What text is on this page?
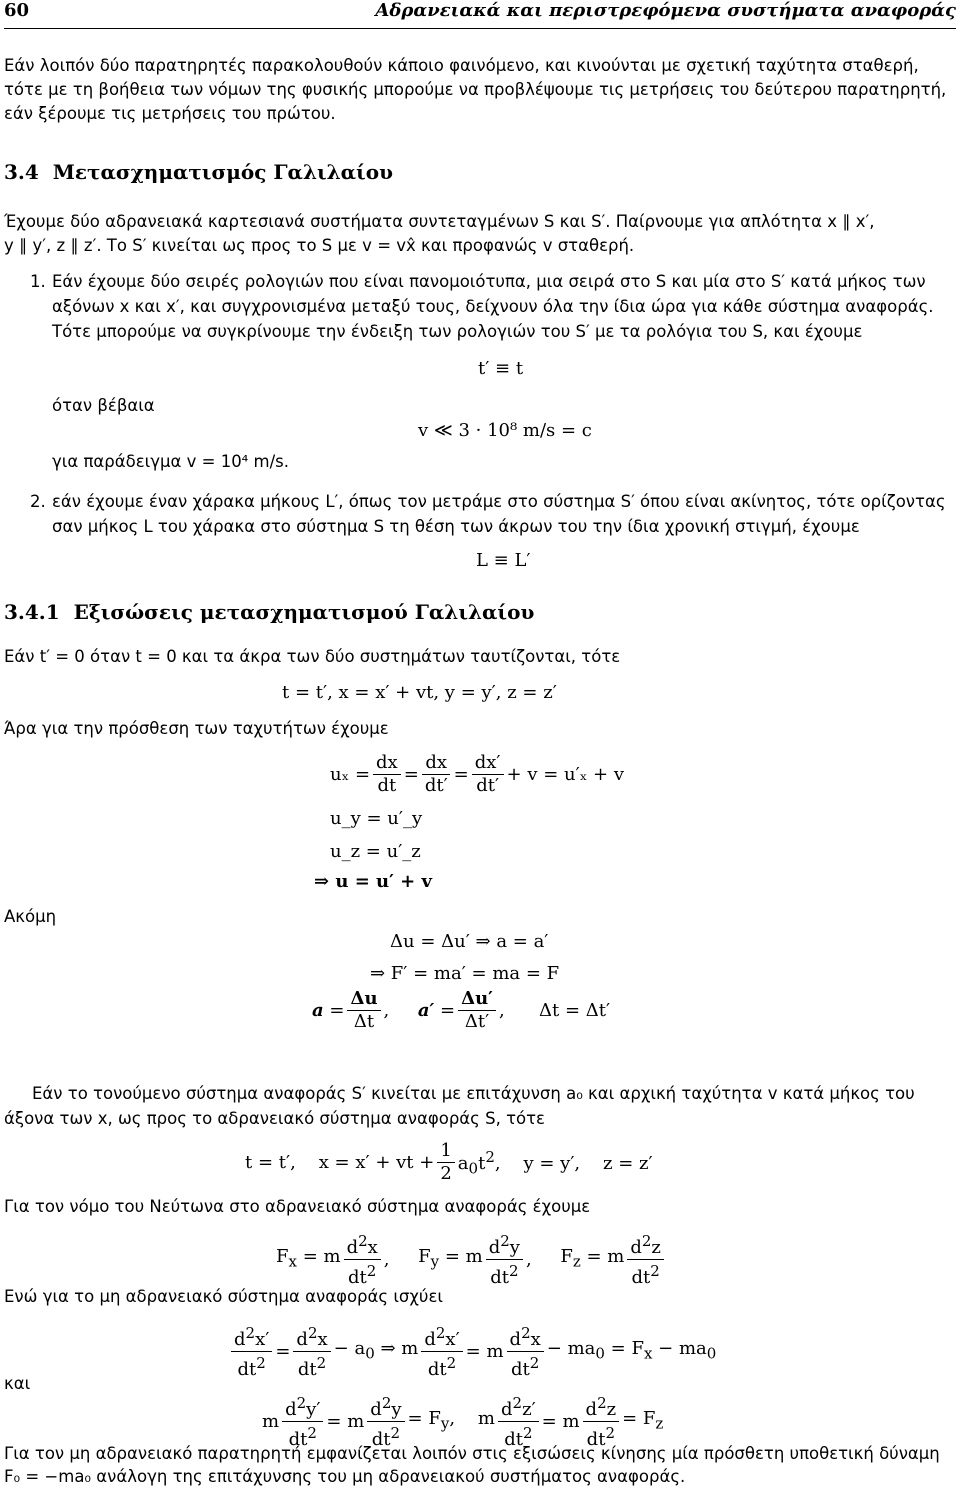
60	Αδρανειακά και περιστρεφόμενα συστήματα αναφοράς
Εάν λοιπόν δύο παρατηρητές παρακολουθούν κάποιο φαινόμενο, και κινούνται με σχετική ταχύτητα σταθερή,
τότε με τη βοήθεια των νόμων της φυσικής μπορούμε να προβλέψουμε τις μετρήσεις του δεύτερου παρατηρητή,
εάν ξέρουμε τις μετρήσεις του πρώτου.
3.4 Μετασχηματισμός Γαλιλαίου
Έχουμε δύο αδρανειακά καρτεσιανά συστήματα συντεταγμένων S και S′. Παίρνουμε για απλότητα x ∥ x′,
y ∥ y′, z ∥ z′. Το S′ κινείται ως προς το S με v = vx̂ και προφανώς v σταθερή.
1. Εάν έχουμε δύο σειρές ρολογιών που είναι πανομοιότυπα, μια σειρά στο S και μία στο S′ κατά μήκος των
αξόνων x και x′, και συγχρονισμένα μεταξύ τους, δείχνουν όλα την ίδια ώρα για κάθε σύστημα αναφοράς.
Τότε μπορούμε να συγκρίνουμε την ένδειξη των ρολογιών του S′ με τα ρολόγια του S, και έχουμε
t′ ≡ t
όταν βέβαια
v ≪ 3 · 10⁸ m/s = c
για παράδειγμα v = 10⁴ m/s.
2. εάν έχουμε έναν χάρακα μήκους L′, όπως τον μετράμε στο σύστημα S′ όπου είναι ακίνητος, τότε ορίζοντας
σαν μήκος L του χάρακα στο σύστημα S τη θέση των άκρων του την ίδια χρονική στιγμή, έχουμε
L ≡ L′
3.4.1 Εξισώσεις μετασχηματισμού Γαλιλαίου
Εάν t′ = 0 όταν t = 0 και τα άκρα των δύο συστημάτων ταυτίζονται, τότε
t = t′, x = x′ + vt, y = y′, z = z′
Άρα για την πρόσθεση των ταχυτήτων έχουμε
$u_x = \frac{dx}{dt} = \frac{dx}{dt'} = \frac{dx'}{dt'} + v = u'_x + v$
u_y = u′_y
u_z = u′_z
⇒ u = u′ + v
Ακόμη
Δu = Δu′ ⇒ a = a′
⇒ F′ = ma′ = ma = F
$a = \frac{\Delta u}{\Delta t}$ , $a' = \frac{\Delta u'}{\Delta t'}$ , Δt = Δt′
Εάν το τονούμενο σύστημα αναφοράς S′ κινείται με επιτάχυνση a₀ και αρχική ταχύτητα v κατά μήκος του
άξονα των x, ως προς το αδρανειακό σύστημα αναφοράς S, τότε
t = t′,    x = x′ + vt + $\frac{1}{2} a_0t^2$,    y = y′,    z = z′
Για τον νόμο του Νεύτωνα στο αδρανειακό σύστημα αναφοράς έχουμε
$F_x = m \frac{d^2x}{dt^2}$ , $F_y = m \frac{d^2y}{dt^2}$ , $F_z = m \frac{d^2z}{dt^2}$
Ενώ για το μη αδρανειακό σύστημα αναφοράς ισχύει
$\frac{d^2x'}{dt^2} = \frac{d^2x}{dt^2} - a_0$ ⇒ m $\frac{d^2x'}{dt^2} = m \frac{d^2x}{dt^2} - ma_0 = F_x - ma_0$
και
m $\frac{d^2y'}{dt^2} = m \frac{d^2y}{dt^2} = F_y$,    m $\frac{d^2z'}{dt^2} = m \frac{d^2z}{dt^2} = F_z$
Για τον μη αδρανειακό παρατηρητή εμφανίζεται λοιπόν στις εξισώσεις κίνησης μία πρόσθετη υποθετική δύναμη
F₀ = −ma₀ ανάλογη της επιτάχυνσης του μη αδρανειακού συστήματος αναφοράς.
